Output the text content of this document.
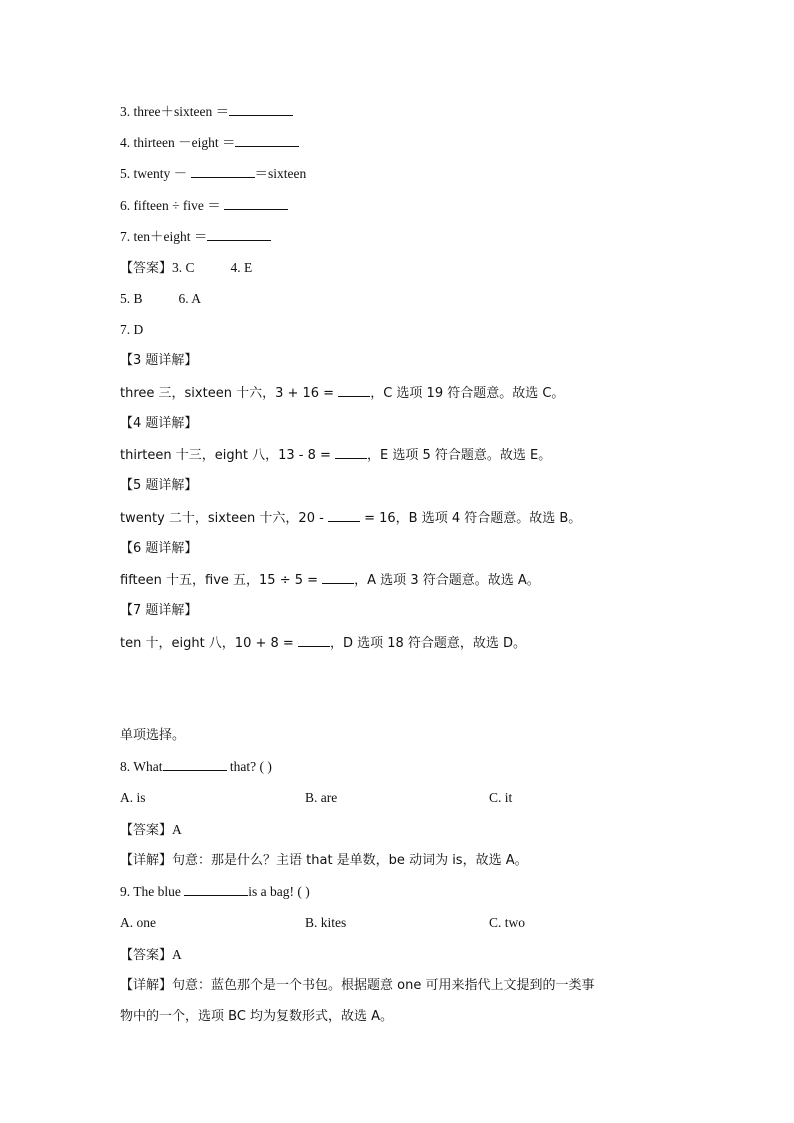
3. three＋sixteen ＝
4. thirteen －eight ＝
5. twenty －	＝sixteen
6. fifteen ÷ five ＝
7. ten＋eight ＝
【答案】3. C	4. E
5. B	6. A
7. D
【3 题详解】
three 三，sixteen 十六，3 + 16 = ，C 选项 19 符合题意。故选 C。
【4 题详解】
thirteen 十三，eight 八，13 - 8 = ，E 选项 5 符合题意。故选 E。
【5 题详解】
twenty 二十，sixteen 十六，20 -  = 16，B 选项 4 符合题意。故选 B。
【6 题详解】
fifteen 十五，five 五，15 ÷ 5 = ，A 选项 3 符合题意。故选 A。
【7 题详解】
ten 十，eight 八，10 + 8 = ，D 选项 18 符合题意，故选 D。
单项选择。
8. What	that? ( )
A. is	B. are	C. it
【答案】A
【详解】句意：那是什么？主语 that 是单数，be 动词为 is，故选 A。
9. The blue	is a bag! ( )
A. one	B. kites	C. two
【答案】A
【详解】句意：蓝色那个是一个书包。根据题意 one 可用来指代上文提到的一类事
物中的一个，选项 BC 均为复数形式，故选 A。
